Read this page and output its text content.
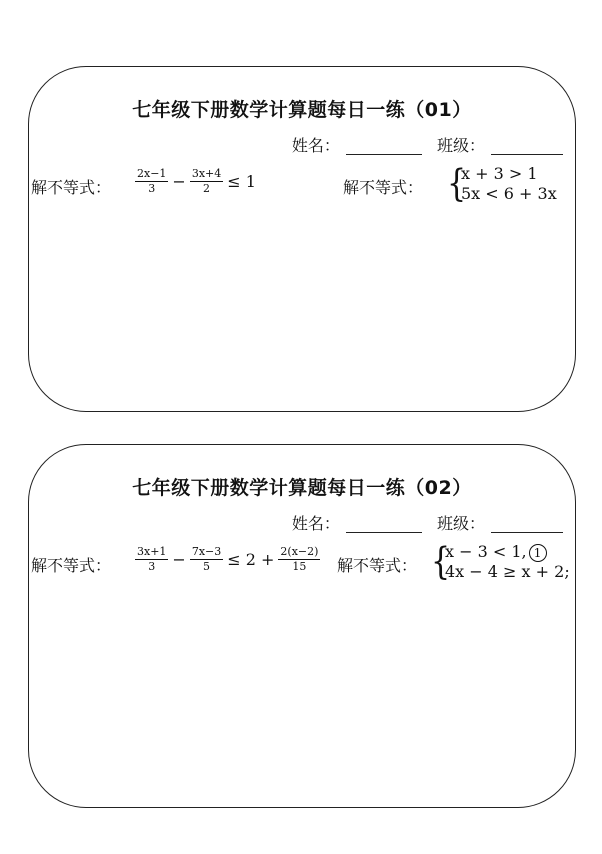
七年级下册数学计算题每日一练（01）
姓名：	班级：
解不等式： $\frac{2x-1}{3} - \frac{3x+4}{2} \le 1$	解不等式： {
x + 3 > 1
5x < 6 + 3x
七年级下册数学计算题每日一练（02）
姓名：	班级：
解不等式： $\frac{3x+1}{3} - \frac{7x-3}{5} \le 2 + \frac{2(x-2)}{15}$ 解不等式： {
x − 3 < 1, 1
4x − 4 ≥ x + 2;
